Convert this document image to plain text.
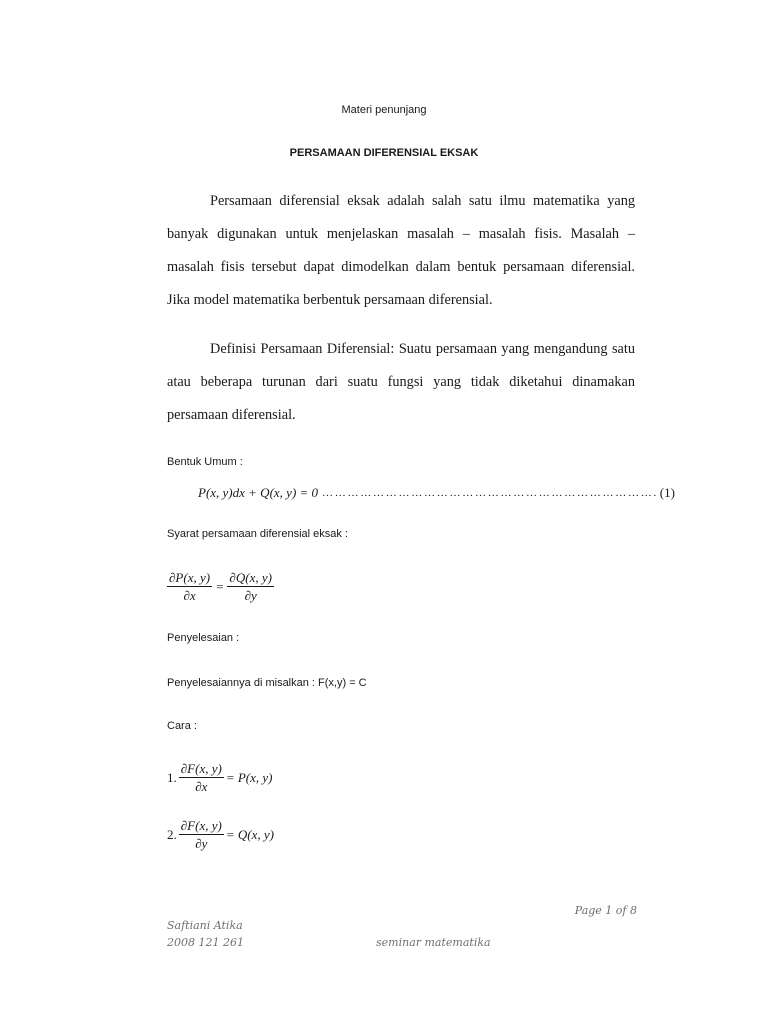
Materi penunjang
PERSAMAAN DIFERENSIAL EKSAK
Persamaan diferensial eksak adalah salah satu ilmu matematika yang banyak digunakan untuk menjelaskan masalah – masalah fisis. Masalah – masalah fisis tersebut dapat dimodelkan dalam bentuk persamaan diferensial. Jika model matematika berbentuk persamaan diferensial.
Definisi Persamaan Diferensial: Suatu persamaan yang mengandung satu atau beberapa turunan dari suatu fungsi yang tidak diketahui dinamakan persamaan diferensial.
Bentuk Umum :
P(x, y)dx + Q(x, y) = 0 … … … … … … … … … … … … … … … … … … … … … … … … … … . (1)
Syarat persamaan diferensial eksak :
$\frac{\partial P(x, y)}{\partial x} = \frac{\partial Q(x, y)}{\partial y}$
Penyelesaian :
Penyelesaiannya di misalkan : F(x,y) = C
Cara :
1. $\frac{\partial F(x, y)}{\partial x} = P(x$, y)
2. $\frac{\partial F(x, y)}{\partial y} = Q(x$, y)
Page 1 of 8
Saftiani Atika
2008 121 261	seminar matematika
